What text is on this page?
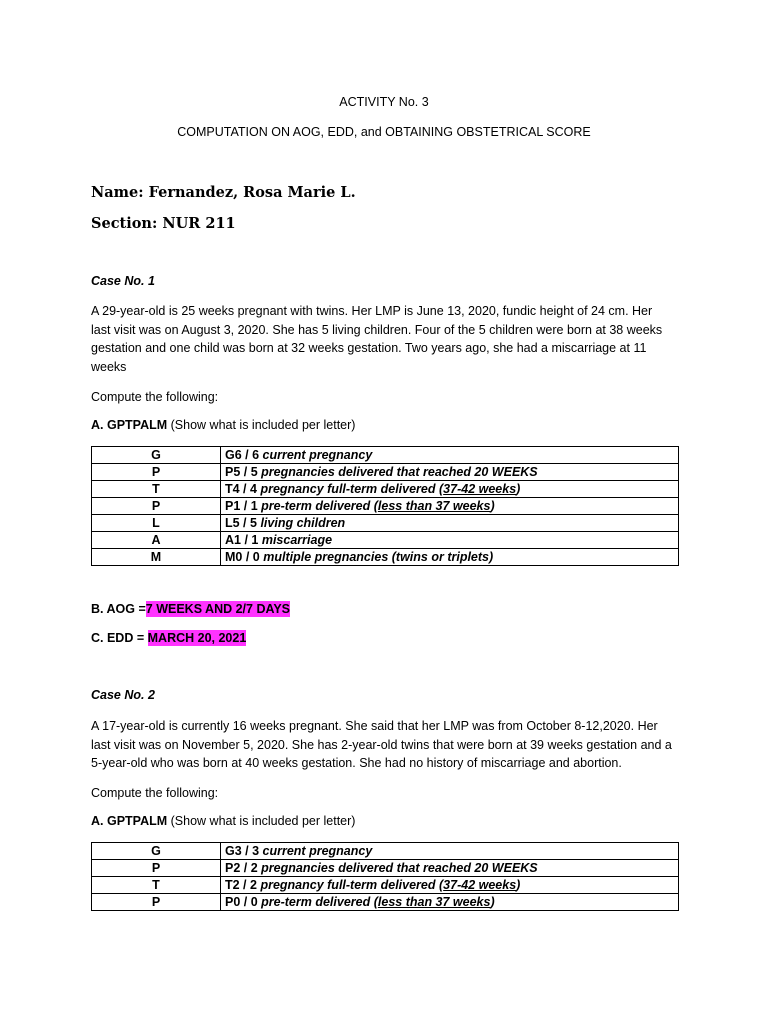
ACTIVITY No. 3
COMPUTATION ON AOG, EDD, and OBTAINING OBSTETRICAL SCORE
Name: Fernandez, Rosa Marie L.
Section: NUR 211
Case No. 1
A 29-year-old is 25 weeks pregnant with twins. Her LMP is June 13, 2020, fundic height of 24 cm. Her
last visit was on August 3, 2020. She has 5 living children. Four of the 5 children were born at 38 weeks
gestation and one child was born at 32 weeks gestation. Two years ago, she had a miscarriage at 11
weeks
Compute the following:
A. GPTPALM (Show what is included per letter)
G	G6 / 6 current pregnancy
P	P5 / 5 pregnancies delivered that reached 20 WEEKS
T	T4 / 4 pregnancy full-term delivered (37-42 weeks)
P	P1 / 1 pre-term delivered (less than 37 weeks)
L	L5 / 5 living children
A	A1 / 1 miscarriage
M	M0 / 0 multiple pregnancies (twins or triplets)
B. AOG =7 WEEKS AND 2/7 DAYS
C. EDD = MARCH 20, 2021
Case No. 2
A 17-year-old is currently 16 weeks pregnant. She said that her LMP was from October 8-12,2020. Her
last visit was on November 5, 2020. She has 2-year-old twins that were born at 39 weeks gestation and a
5-year-old who was born at 40 weeks gestation. She had no history of miscarriage and abortion.
Compute the following:
A. GPTPALM (Show what is included per letter)
G	G3 / 3 current pregnancy
P	P2 / 2 pregnancies delivered that reached 20 WEEKS
T	T2 / 2 pregnancy full-term delivered (37-42 weeks)
P	P0 / 0 pre-term delivered (less than 37 weeks)
